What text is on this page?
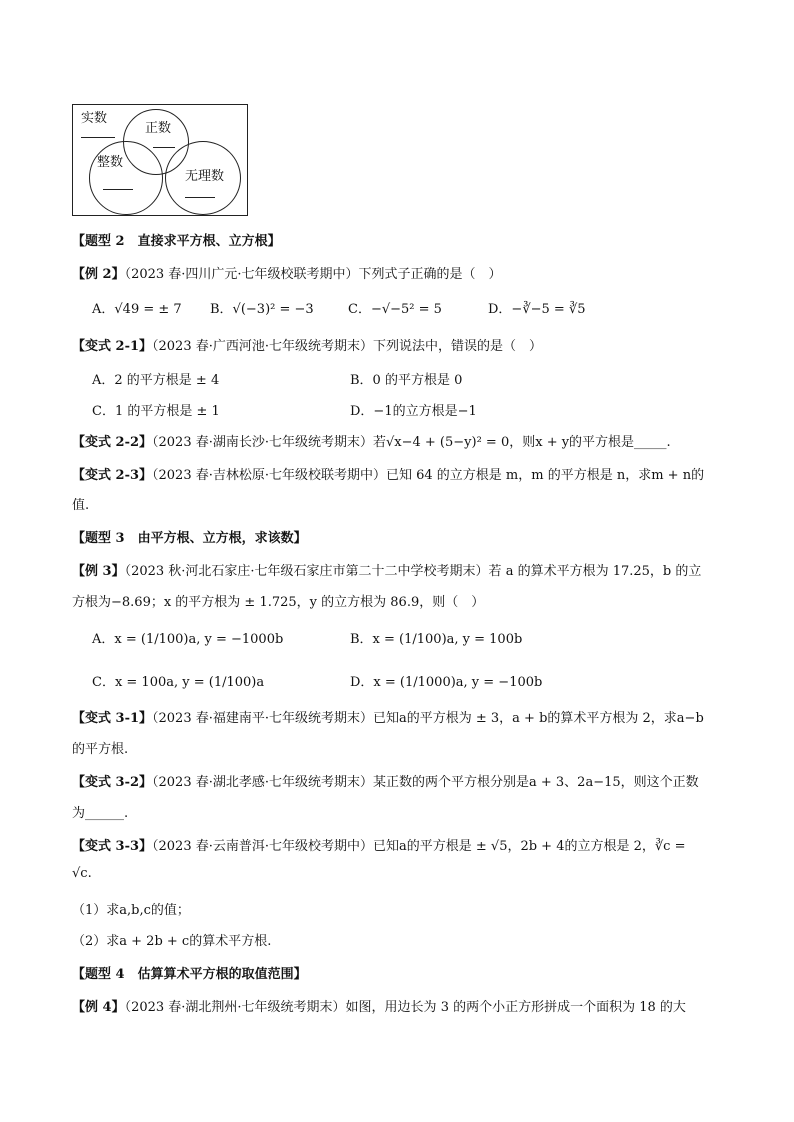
实数
正数
整数
无理数
【题型 2　直接求平方根、立方根】
【例 2】（2023 春·四川广元·七年级校联考期中）下列式子正确的是（　）
A．√49 = ± 7 B．√(−3)² = −3	C．−√−5² = 5	D．−∛−5 = ∛5
【变式 2-1】（2023 春·广西河池·七年级统考期末）下列说法中，错误的是（　）
A．2 的平方根是 ± 4	B．0 的平方根是 0
C．1 的平方根是 ± 1	D．−1的立方根是−1
【变式 2-2】（2023 春·湖南长沙·七年级统考期末）若√x−4 + (5−y)² = 0，则x + y的平方根是_____.
【变式 2-3】（2023 春·吉林松原·七年级校联考期中）已知 64 的立方根是 m，m 的平方根是 n，求m + n的
值.
【题型 3　由平方根、立方根，求该数】
【例 3】（2023 秋·河北石家庄·七年级石家庄市第二十二中学校考期末）若 a 的算术平方根为 17.25，b 的立
方根为−8.69；x 的平方根为 ± 1.725，y 的立方根为 86.9，则（　）
A．x = (1/100)a, y = −1000b	B．x = (1/100)a, y = 100b
C．x = 100a, y = (1/100)a	D．x = (1/1000)a, y = −100b
【变式 3-1】（2023 春·福建南平·七年级统考期末）已知a的平方根为 ± 3，a + b的算术平方根为 2，求a−b
的平方根.
【变式 3-2】（2023 春·湖北孝感·七年级统考期末）某正数的两个平方根分别是a + 3、2a−15，则这个正数
为______.
【变式 3-3】（2023 春·云南普洱·七年级校考期中）已知a的平方根是 ± √5，2b + 4的立方根是 2，∛c =
√c.
（1）求a,b,c的值；
（2）求a + 2b + c的算术平方根.
【题型 4　估算算术平方根的取值范围】
【例 4】（2023 春·湖北荆州·七年级统考期末）如图，用边长为 3 的两个小正方形拼成一个面积为 18 的大
